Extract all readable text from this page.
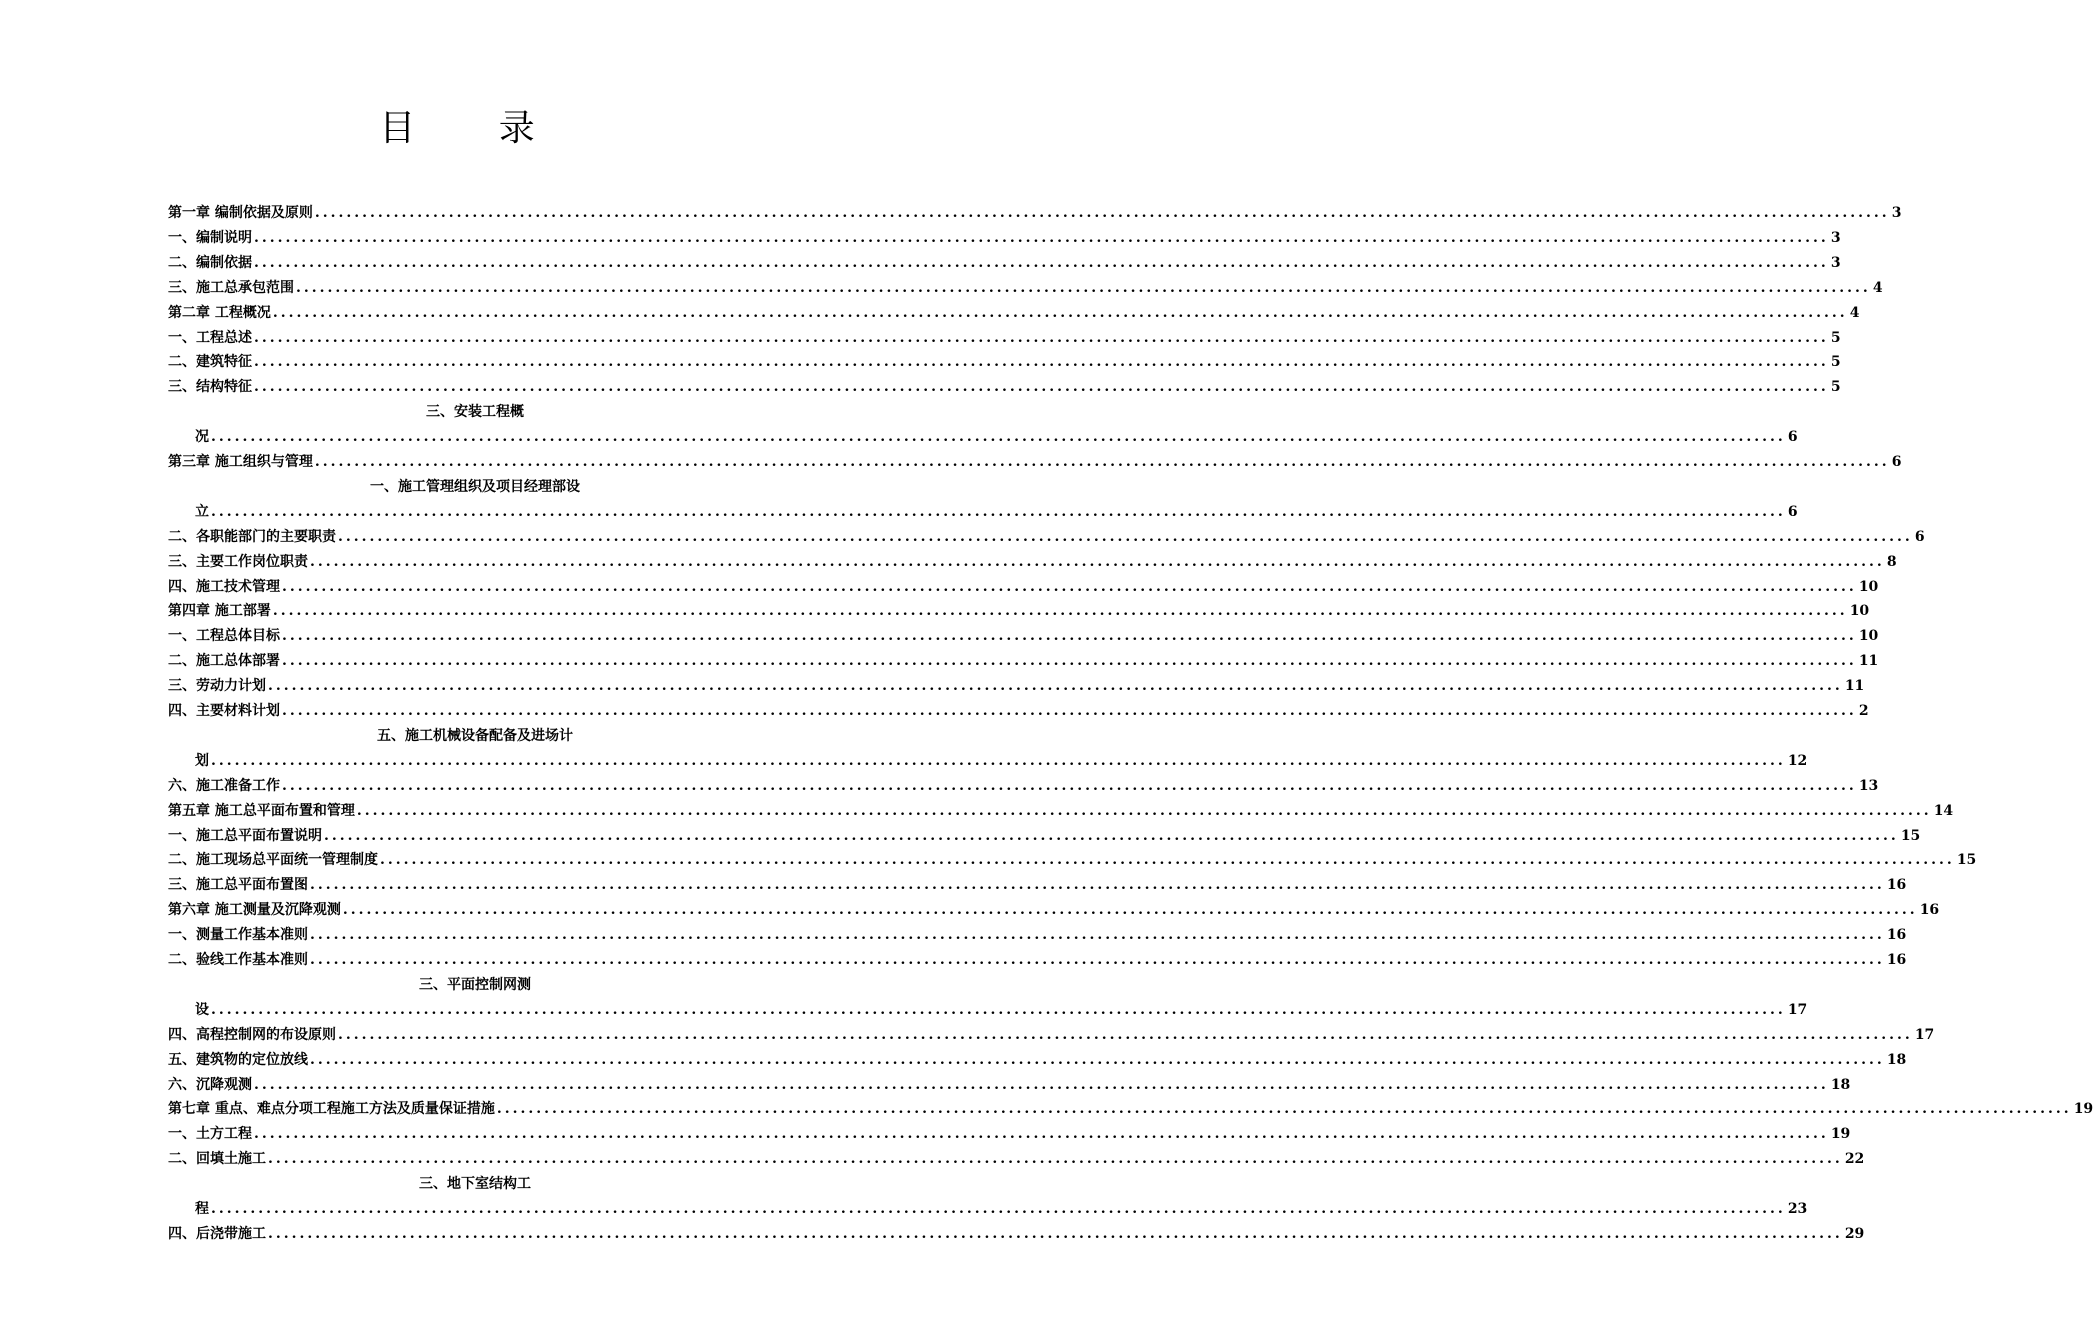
目 录
第一章 编制依据及原则 ........................................................................................................................................................................................................ 3
一、编制说明 ........................................................................................................................................................................................................ 3
二、编制依据 ........................................................................................................................................................................................................ 3
三、施工总承包范围 ........................................................................................................................................................................................................ 4
第二章 工程概况 ........................................................................................................................................................................................................ 4
一、工程总述 ........................................................................................................................................................................................................ 5
二、建筑特征 ........................................................................................................................................................................................................ 5
三、结构特征 ........................................................................................................................................................................................................ 5
三、安装工程概
况 ........................................................................................................................................................................................................ 6
第三章 施工组织与管理 ........................................................................................................................................................................................................ 6
一、施工管理组织及项目经理部设
立 ........................................................................................................................................................................................................ 6
二、各职能部门的主要职责 ........................................................................................................................................................................................................ 6
三、主要工作岗位职责 ........................................................................................................................................................................................................ 8
四、施工技术管理 ........................................................................................................................................................................................................ 10
第四章 施工部署 ........................................................................................................................................................................................................ 10
一、工程总体目标 ........................................................................................................................................................................................................ 10
二、施工总体部署 ........................................................................................................................................................................................................ 11
三、劳动力计划 ........................................................................................................................................................................................................ 11
四、主要材料计划 ........................................................................................................................................................................................................ 2
五、施工机械设备配备及进场计
划 ........................................................................................................................................................................................................ 12
六、施工准备工作 ........................................................................................................................................................................................................ 13
第五章 施工总平面布置和管理 ........................................................................................................................................................................................................ 14
一、施工总平面布置说明 ........................................................................................................................................................................................................ 15
二、施工现场总平面统一管理制度 ........................................................................................................................................................................................................ 15
三、施工总平面布置图 ........................................................................................................................................................................................................ 16
第六章 施工测量及沉降观测 ........................................................................................................................................................................................................ 16
一、测量工作基本准则 ........................................................................................................................................................................................................ 16
二、验线工作基本准则 ........................................................................................................................................................................................................ 16
三、平面控制网测
设 ........................................................................................................................................................................................................ 17
四、高程控制网的布设原则 ........................................................................................................................................................................................................ 17
五、建筑物的定位放线 ........................................................................................................................................................................................................ 18
六、沉降观测 ........................................................................................................................................................................................................ 18
第七章 重点、难点分项工程施工方法及质量保证措施 ........................................................................................................................................................................................................ 19
一、土方工程 ........................................................................................................................................................................................................ 19
二、回填土施工 ........................................................................................................................................................................................................ 22
三、地下室结构工
程 ........................................................................................................................................................................................................ 23
四、后浇带施工 ........................................................................................................................................................................................................ 29
